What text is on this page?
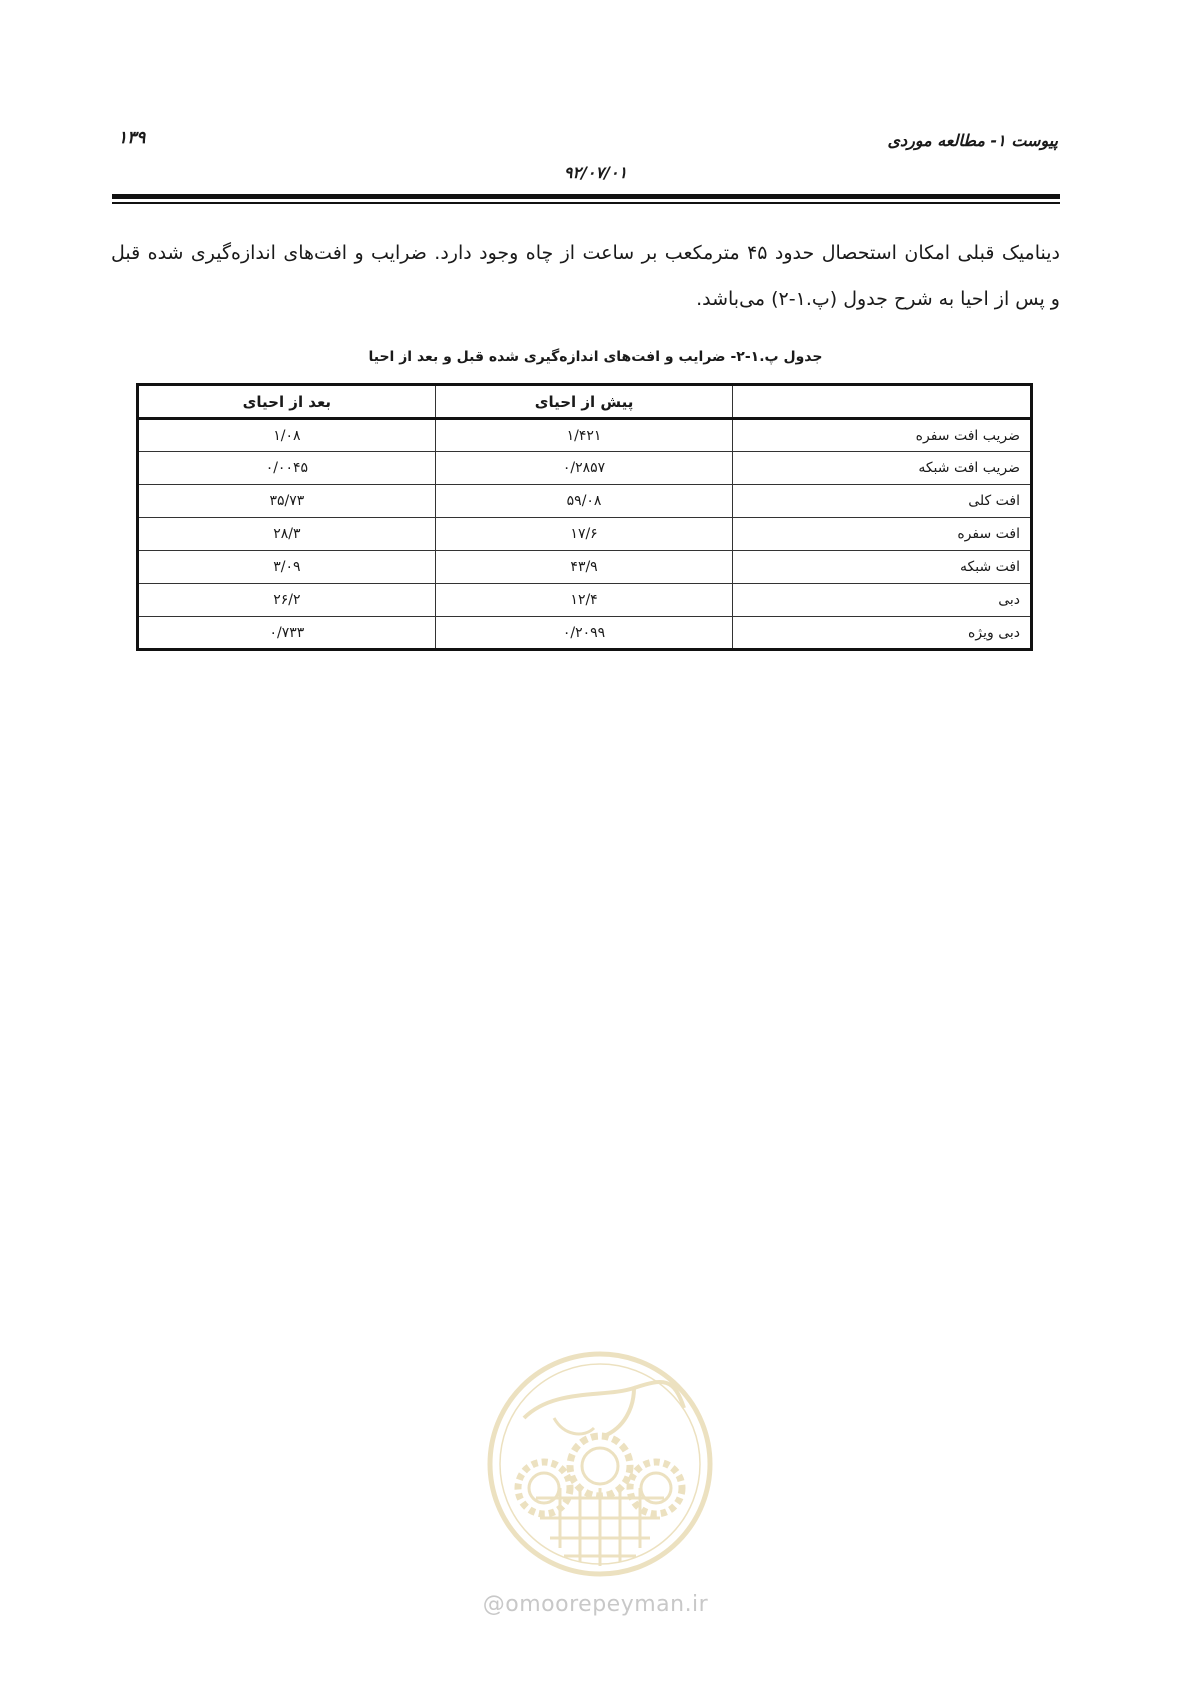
پیوست ۱- مطالعه موردی
۱۳۹
۹۲/۰۷/۰۱
دینامیک قبلی امکان استحصال حدود ۴۵ مترمکعب بر ساعت از چاه وجود دارد. ضرایب و افت‌های اندازه‌گیری شده قبل
و پس از احیا به شرح جدول (پ.۱-۲) می‌باشد.
جدول پ.۱-۲- ضرایب و افت‌های اندازه‌گیری شده قبل و بعد از احیا
	پیش از احیای	بعد از احیای
ضریب افت سفره	۱/۴۲۱	۱/۰۸
ضریب افت شبکه	۰/۲۸۵۷	۰/۰۰۴۵
افت کلی	۵۹/۰۸	۳۵/۷۳
افت سفره	۱۷/۶	۲۸/۳
افت شبکه	۴۳/۹	۳/۰۹
دبی	۱۲/۴	۲۶/۲
دبی ویژه	۰/۲۰۹۹	۰/۷۳۳
@omoorepeyman.ir
